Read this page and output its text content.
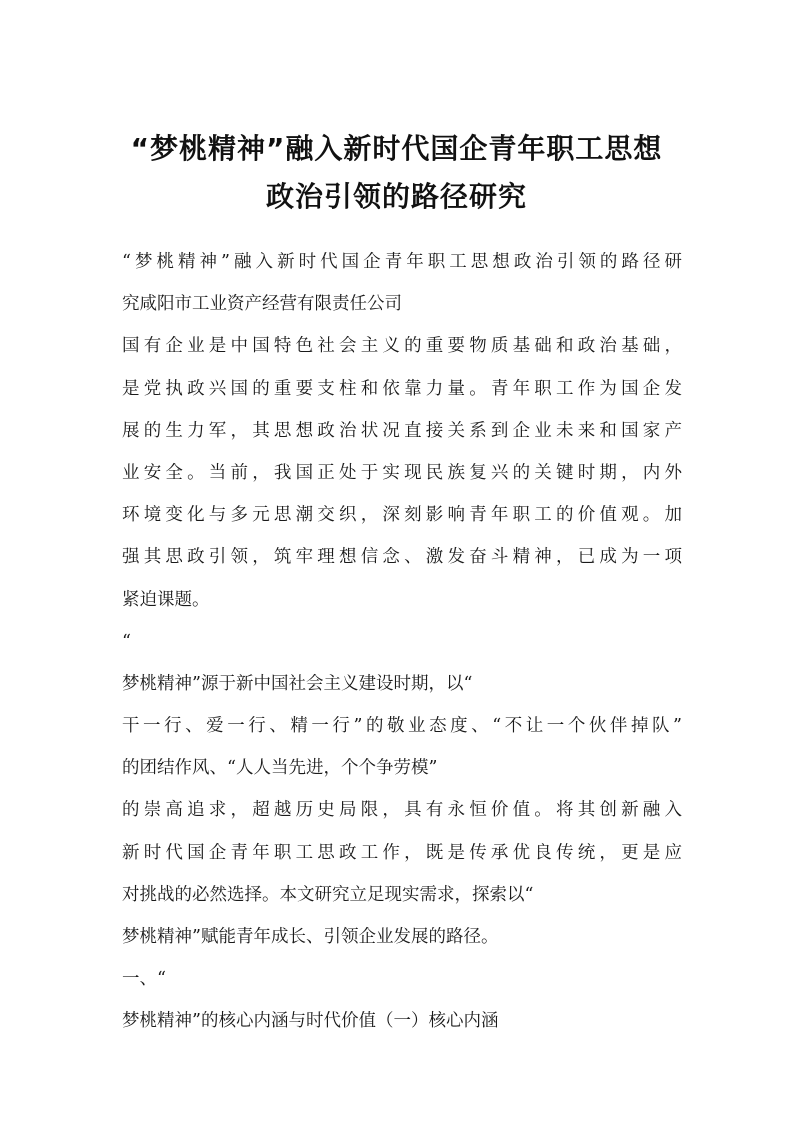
“梦桃精神”融入新时代国企青年职工思想
政治引领的路径研究
“梦桃精神”融入新时代国企青年职工思想政治引领的路径研
究咸阳市工业资产经营有限责任公司
国有企业是中国特色社会主义的重要物质基础和政治基础，
是党执政兴国的重要支柱和依靠力量。青年职工作为国企发
展的生力军，其思想政治状况直接关系到企业未来和国家产
业安全。当前，我国正处于实现民族复兴的关键时期，内外
环境变化与多元思潮交织，深刻影响青年职工的价值观。加
强其思政引领，筑牢理想信念、激发奋斗精神，已成为一项
紧迫课题。
“
梦桃精神”源于新中国社会主义建设时期，以“
干一行、爱一行、精一行”的敬业态度、“不让一个伙伴掉队”
的团结作风、“人人当先进，个个争劳模”
的崇高追求，超越历史局限，具有永恒价值。将其创新融入
新时代国企青年职工思政工作，既是传承优良传统，更是应
对挑战的必然选择。本文研究立足现实需求，探索以“
梦桃精神”赋能青年成长、引领企业发展的路径。
一、“
梦桃精神”的核心内涵与时代价值（一）核心内涵
